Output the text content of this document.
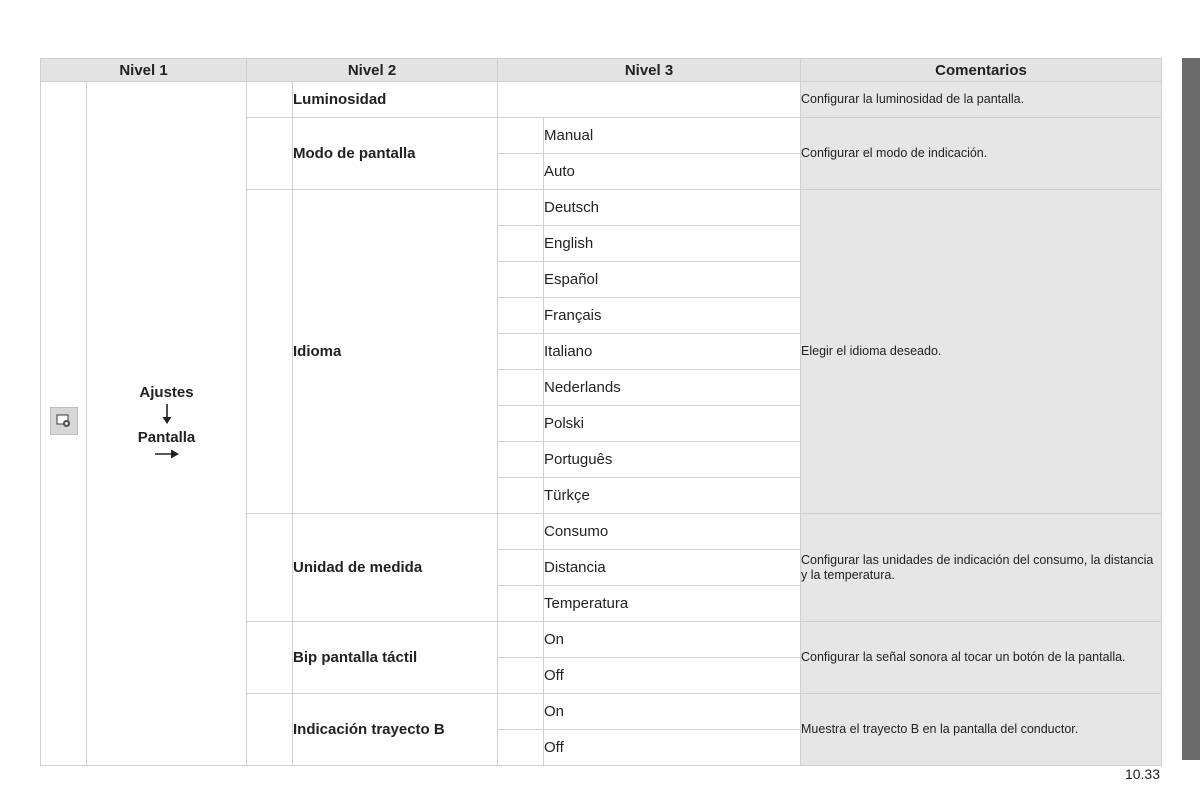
Nivel 1		Nivel 2		Nivel 3		Comentarios

Ajustes
Pantalla		Luminosidad			Configurar la luminosidad de la pantalla.
			Modo de pantalla		Manual	Configurar el modo de indicación.
					Auto	
			Idioma		Deutsch	Elegir el idioma deseado.
					English	
					Español	
					Français	
					Italiano	
					Nederlands	
					Polski	
					Português	
					Türkçe	
			Unidad de medida		Consumo	Configurar las unidades de indicación del consumo, la distancia y la temperatura.
					Distancia	
					Temperatura	
			Bip pantalla táctil		On	Configurar la señal sonora al tocar un botón de la pantalla.
					Off	
			Indicación trayecto B		On	Muestra el trayecto B en la pantalla del conductor.
					Off	
10.33
